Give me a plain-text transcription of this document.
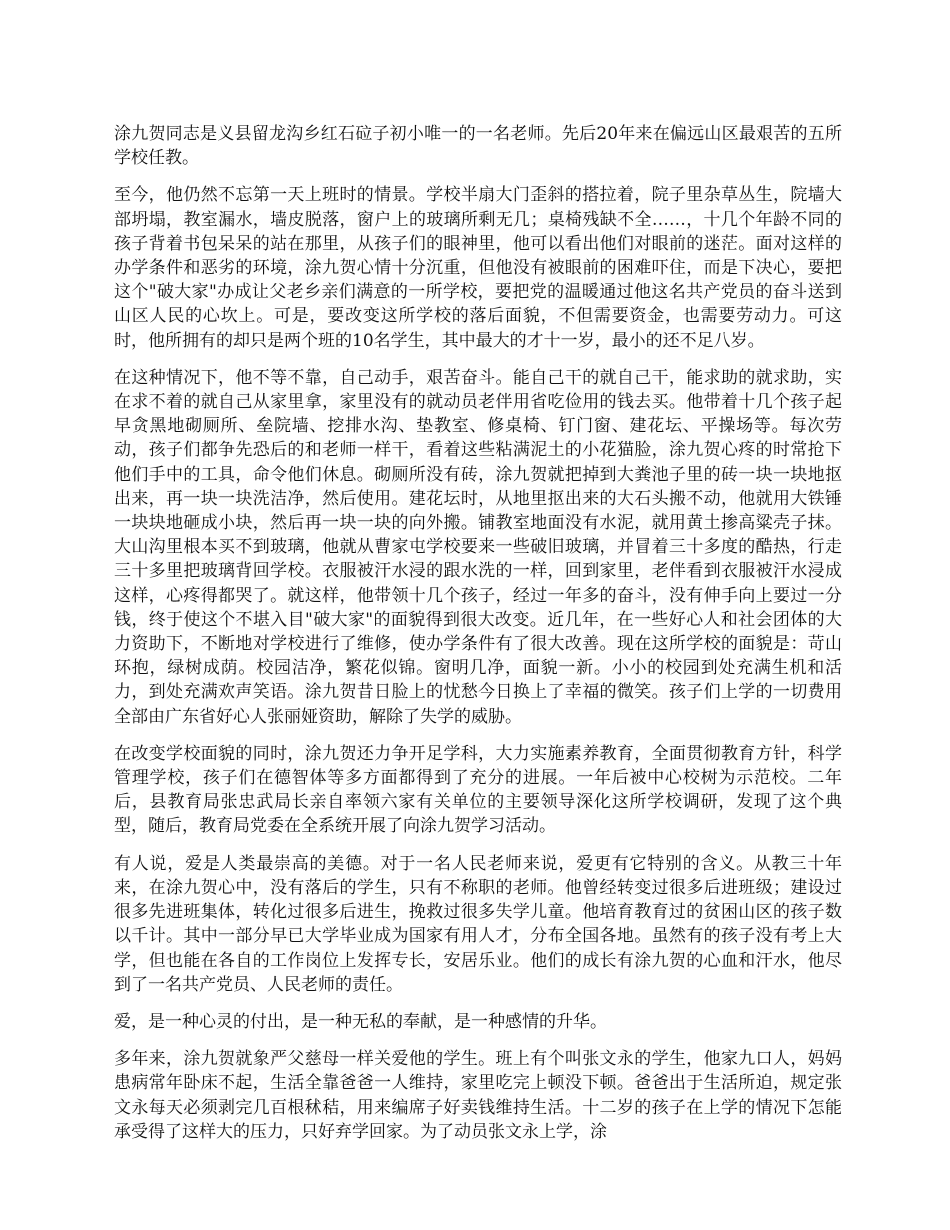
涂九贺同志是义县留龙沟乡红石砬子初小唯一的一名老师。先后20年来在偏远山区最艰苦的五所学校任教。

至今，他仍然不忘第一天上班时的情景。学校半扇大门歪斜的搭拉着，院子里杂草丛生，院墙大部坍塌，教室漏水，墙皮脱落，窗户上的玻璃所剩无几；桌椅残缺不全……，十几个年龄不同的孩子背着书包呆呆的站在那里，从孩子们的眼神里，他可以看出他们对眼前的迷茫。面对这样的办学条件和恶劣的环境，涂九贺心情十分沉重，但他没有被眼前的困难吓住，而是下决心，要把这个"破大家"办成让父老乡亲们满意的一所学校，要把党的温暖通过他这名共产党员的奋斗送到山区人民的心坎上。可是，要改变这所学校的落后面貌，不但需要资金，也需要劳动力。可这时，他所拥有的却只是两个班的10名学生，其中最大的才十一岁，最小的还不足八岁。

在这种情况下，他不等不靠，自己动手，艰苦奋斗。能自己干的就自己干，能求助的就求助，实在求不着的就自己从家里拿，家里没有的就动员老伴用省吃俭用的钱去买。他带着十几个孩子起早贪黑地砌厕所、垒院墙、挖排水沟、垫教室、修桌椅、钉门窗、建花坛、平操场等。每次劳动，孩子们都争先恐后的和老师一样干，看着这些粘满泥土的小花猫脸，涂九贺心疼的时常抢下他们手中的工具，命令他们休息。砌厕所没有砖，涂九贺就把掉到大粪池子里的砖一块一块地抠出来，再一块一块洗洁净，然后使用。建花坛时，从地里抠出来的大石头搬不动，他就用大铁锤一块块地砸成小块，然后再一块一块的向外搬。铺教室地面没有水泥，就用黄土掺高粱壳子抹。大山沟里根本买不到玻璃，他就从曹家屯学校要来一些破旧玻璃，并冒着三十多度的酷热，行走三十多里把玻璃背回学校。衣服被汗水浸的跟水洗的一样，回到家里，老伴看到衣服被汗水浸成这样，心疼得都哭了。就这样，他带领十几个孩子，经过一年多的奋斗，没有伸手向上要过一分钱，终于使这个不堪入目"破大家"的面貌得到很大改变。近几年，在一些好心人和社会团体的大力资助下，不断地对学校进行了维修，使办学条件有了很大改善。现在这所学校的面貌是：苛山环抱，绿树成荫。校园洁净，繁花似锦。窗明几净，面貌一新。小小的校园到处充满生机和活力，到处充满欢声笑语。涂九贺昔日脸上的忧愁今日换上了幸福的微笑。孩子们上学的一切费用全部由广东省好心人张丽娅资助，解除了失学的威胁。

在改变学校面貌的同时，涂九贺还力争开足学科，大力实施素养教育，全面贯彻教育方针，科学管理学校，孩子们在德智体等多方面都得到了充分的进展。一年后被中心校树为示范校。二年后，县教育局张忠武局长亲自率领六家有关单位的主要领导深化这所学校调研，发现了这个典型，随后，教育局党委在全系统开展了向涂九贺学习活动。

有人说，爱是人类最崇高的美德。对于一名人民老师来说，爱更有它特别的含义。从教三十年来，在涂九贺心中，没有落后的学生，只有不称职的老师。他曾经转变过很多后进班级；建设过很多先进班集体，转化过很多后进生，挽救过很多失学儿童。他培育教育过的贫困山区的孩子数以千计。其中一部分早已大学毕业成为国家有用人才，分布全国各地。虽然有的孩子没有考上大学，但也能在各自的工作岗位上发挥专长，安居乐业。他们的成长有涂九贺的心血和汗水，他尽到了一名共产党员、人民老师的责任。

爱，是一种心灵的付出，是一种无私的奉献，是一种感情的升华。

多年来，涂九贺就象严父慈母一样关爱他的学生。班上有个叫张文永的学生，他家九口人，妈妈患病常年卧床不起，生活全靠爸爸一人维持，家里吃完上顿没下顿。爸爸出于生活所迫，规定张文永每天必须剥完几百根秫秸，用来编席子好卖钱维持生活。十二岁的孩子在上学的情况下怎能承受得了这样大的压力，只好弃学回家。为了动员张文永上学，涂
